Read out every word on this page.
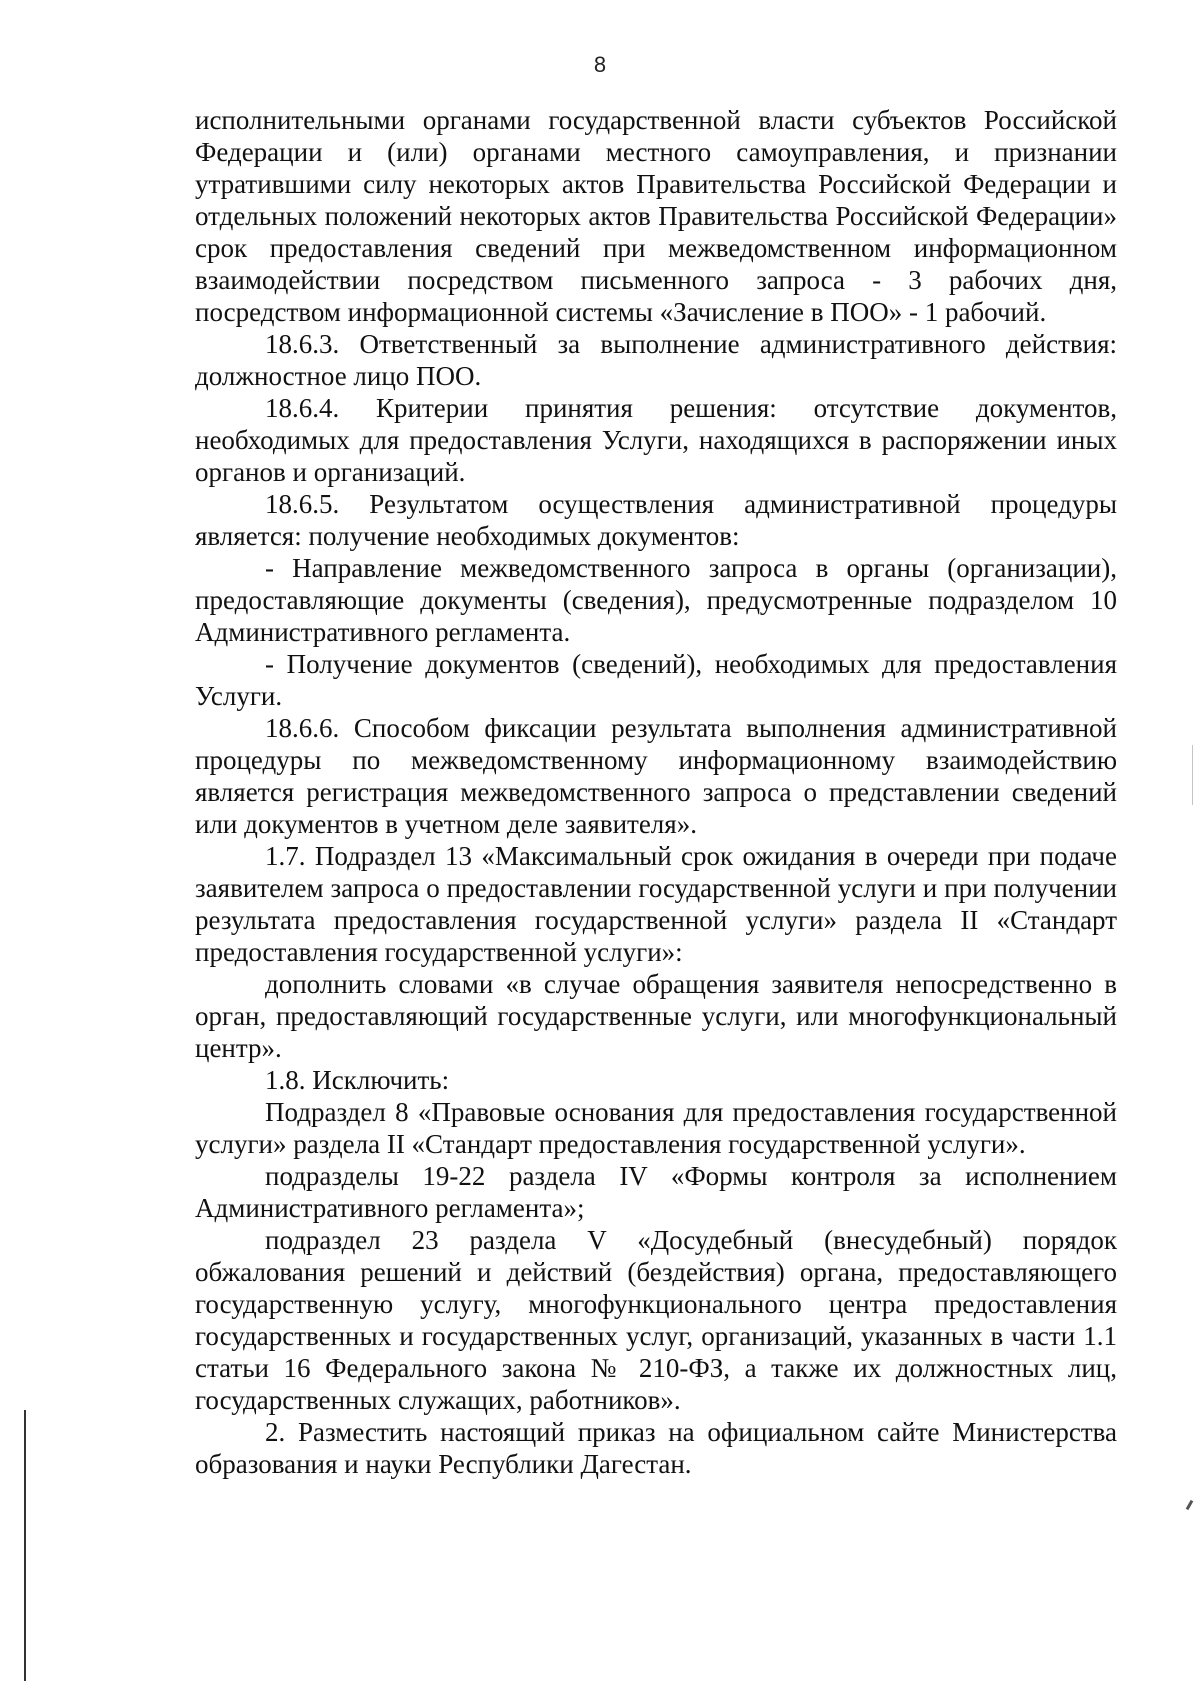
8

исполнительными органами государственной власти субъектов Российской Федерации и (или) органами местного самоуправления, и признании утратившими силу некоторых актов Правительства Российской Федерации и отдельных положений некоторых актов Правительства Российской Федерации» срок предоставления сведений при межведомственном информационном взаимодействии посредством письменного запроса - 3 рабочих дня, посредством информационной системы «Зачисление в ПОО» - 1 рабочий.

18.6.3. Ответственный за выполнение административного действия: должностное лицо ПОО.

18.6.4. Критерии принятия решения: отсутствие документов, необходимых для предоставления Услуги, находящихся в распоряжении иных органов и организаций.

18.6.5. Результатом осуществления административной процедуры является: получение необходимых документов:

- Направление межведомственного запроса в органы (организации), предоставляющие документы (сведения), предусмотренные подразделом 10 Административного регламента.

- Получение документов (сведений), необходимых для предоставления Услуги.

18.6.6. Способом фиксации результата выполнения административной процедуры по межведомственному информационному взаимодействию является регистрация межведомственного запроса о представлении сведений или документов в учетном деле заявителя».

1.7. Подраздел 13 «Максимальный срок ожидания в очереди при подаче заявителем запроса о предоставлении государственной услуги и при получении результата предоставления государственной услуги» раздела II «Стандарт предоставления государственной услуги»:

дополнить словами «в случае обращения заявителя непосредственно в орган, предоставляющий государственные услуги, или многофункциональный центр».

1.8. Исключить:

Подраздел 8 «Правовые основания для предоставления государственной услуги» раздела II «Стандарт предоставления государственной услуги».

подразделы 19-22 раздела IV «Формы контроля за исполнением Административного регламента»;

подраздел 23 раздела V «Досудебный (внесудебный) порядок обжалования решений и действий (бездействия) органа, предоставляющего государственную услугу, многофункционального центра предоставления государственных и государственных услуг, организаций, указанных в части 1.1 статьи 16 Федерального закона № 210-ФЗ, а также их должностных лиц, государственных служащих, работников».

2. Разместить настоящий приказ на официальном сайте Министерства образования и науки Республики Дагестан.
